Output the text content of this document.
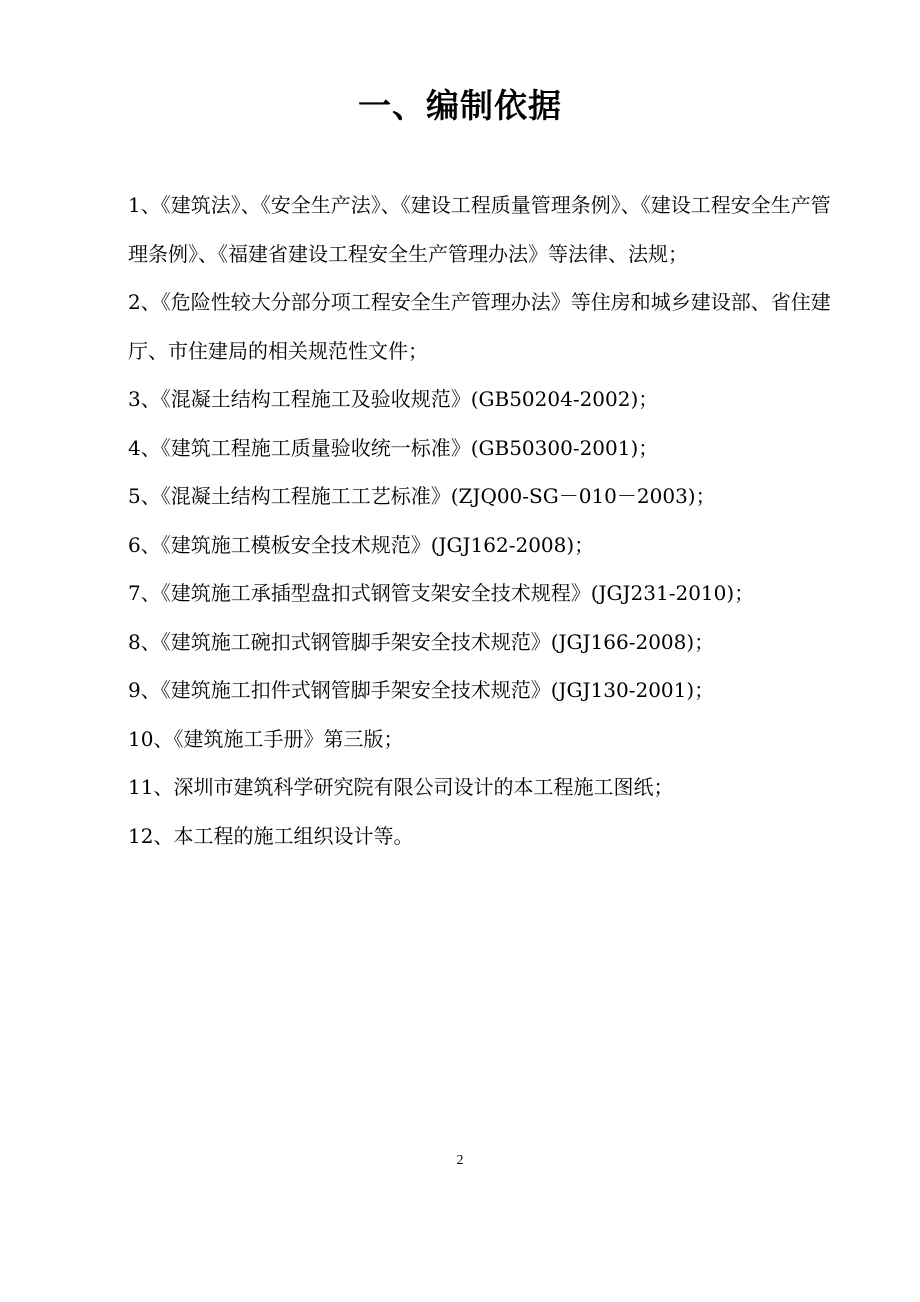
一、编制依据
1、《建筑法》、《安全生产法》、《建设工程质量管理条例》、《建设工程安全生产管理条例》、《福建省建设工程安全生产管理办法》等法律、法规；
2、《危险性较大分部分项工程安全生产管理办法》等住房和城乡建设部、省住建厅、市住建局的相关规范性文件；
3、《混凝土结构工程施工及验收规范》(GB50204-2002)；
4、《建筑工程施工质量验收统一标准》(GB50300-2001)；
5、《混凝土结构工程施工工艺标准》(ZJQ00-SG－010－2003)；
6、《建筑施工模板安全技术规范》(JGJ162-2008)；
7、《建筑施工承插型盘扣式钢管支架安全技术规程》(JGJ231-2010)；
8、《建筑施工碗扣式钢管脚手架安全技术规范》(JGJ166-2008)；
9、《建筑施工扣件式钢管脚手架安全技术规范》(JGJ130-2001)；
10、《建筑施工手册》第三版；
11、深圳市建筑科学研究院有限公司设计的本工程施工图纸；
12、本工程的施工组织设计等。
2
